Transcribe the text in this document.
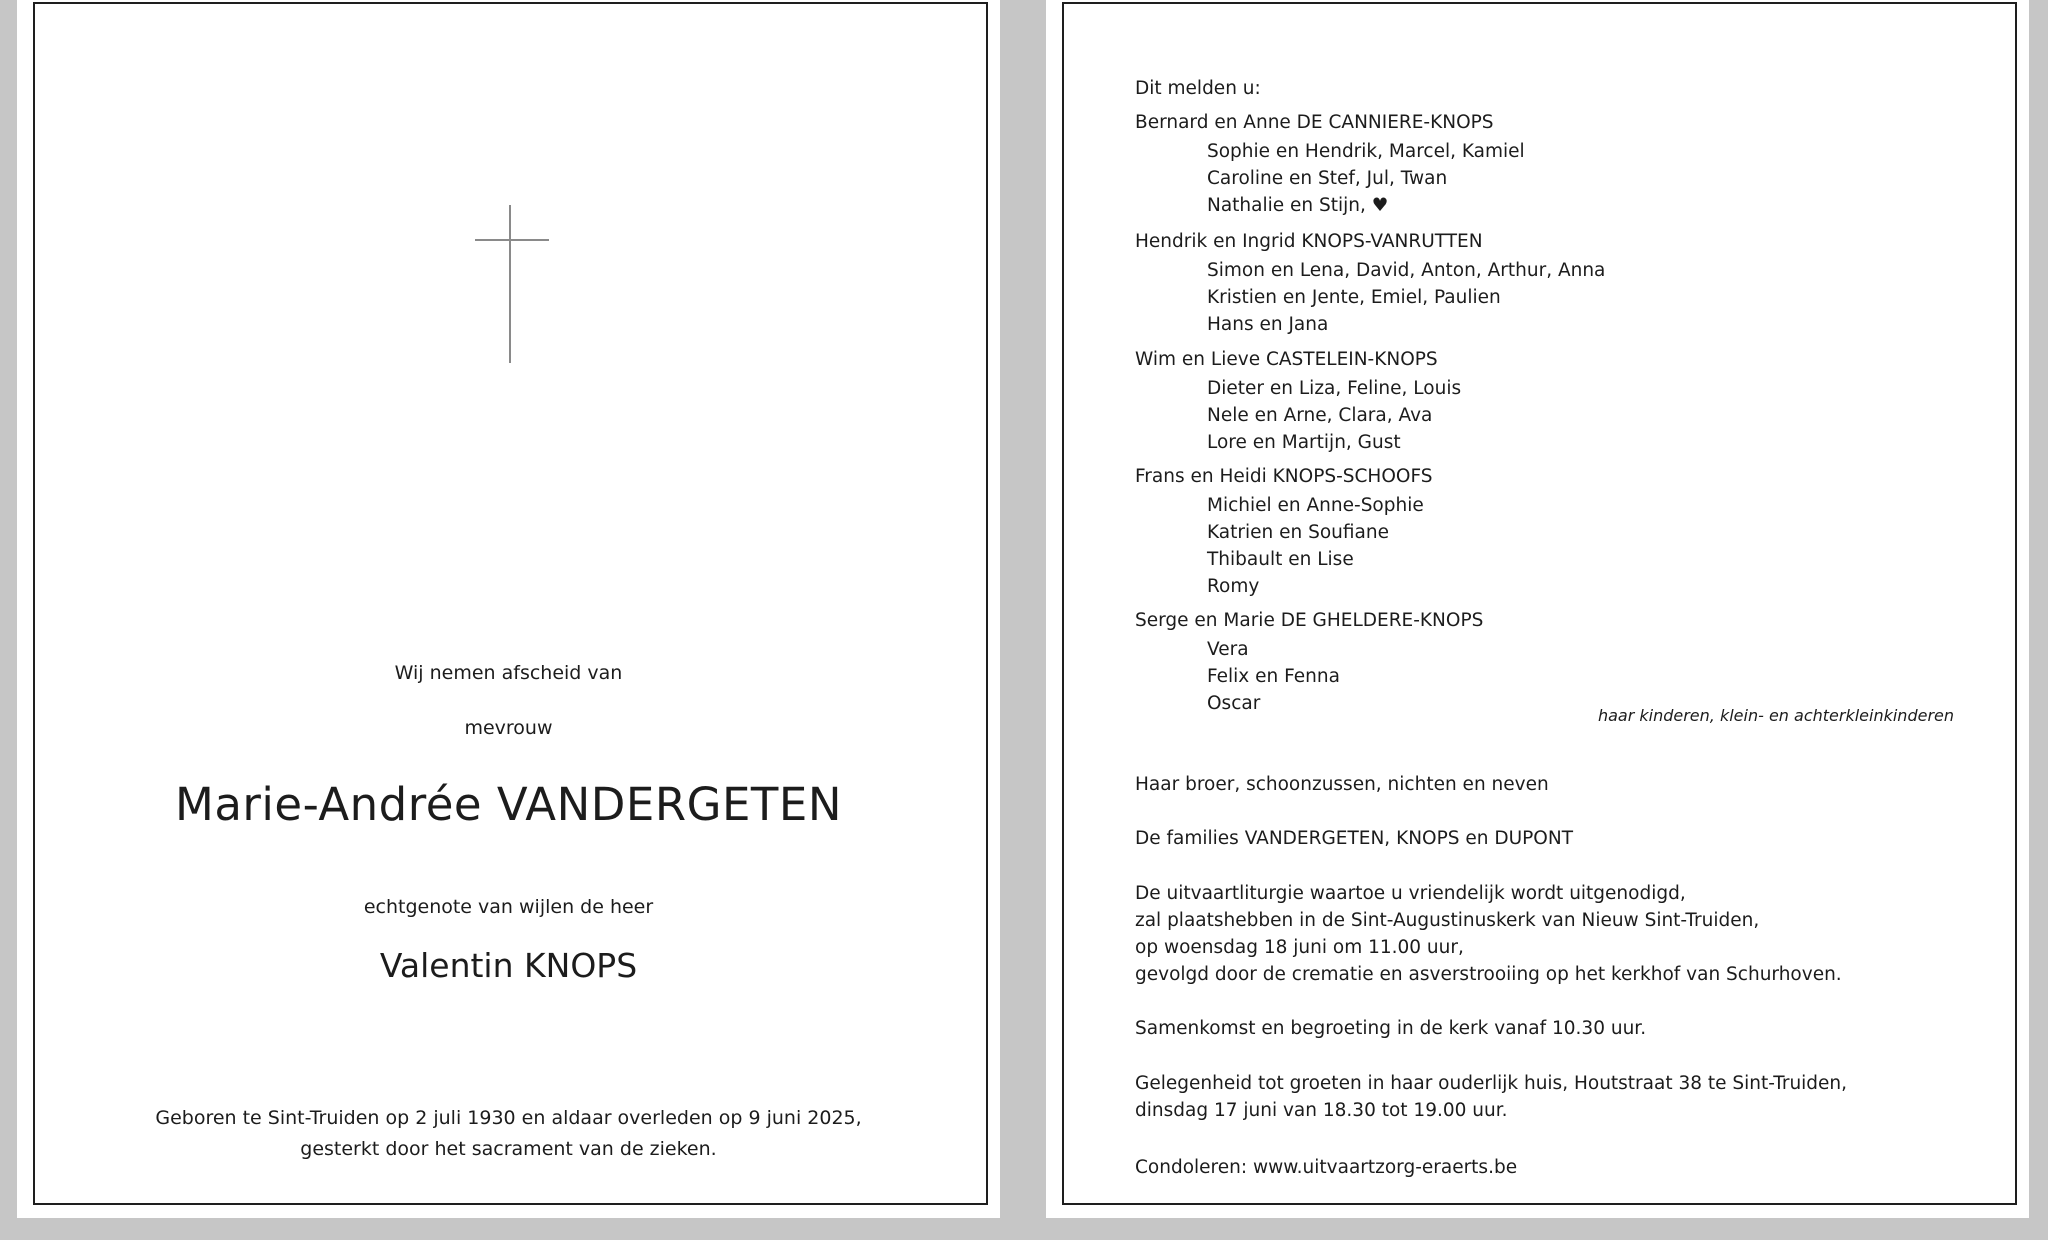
Wij nemen afscheid van
mevrouw
Marie-Andrée VANDERGETEN
echtgenote van wijlen de heer
Valentin KNOPS
Geboren te Sint-Truiden op 2 juli 1930 en aldaar overleden op 9 juni 2025,
gesterkt door het sacrament van de zieken.
Dit melden u:
Bernard en Anne DE CANNIERE-KNOPS
Sophie en Hendrik, Marcel, Kamiel
Caroline en Stef, Jul, Twan
Nathalie en Stijn, ♥
Hendrik en Ingrid KNOPS-VANRUTTEN
Simon en Lena, David, Anton, Arthur, Anna
Kristien en Jente, Emiel, Paulien
Hans en Jana
Wim en Lieve CASTELEIN-KNOPS
Dieter en Liza, Feline, Louis
Nele en Arne, Clara, Ava
Lore en Martijn, Gust
Frans en Heidi KNOPS-SCHOOFS
Michiel en Anne-Sophie
Katrien en Soufiane
Thibault en Lise
Romy
Serge en Marie DE GHELDERE-KNOPS
Vera
Felix en Fenna
Oscar
haar kinderen, klein- en achterkleinkinderen
Haar broer, schoonzussen, nichten en neven
De families VANDERGETEN, KNOPS en DUPONT
De uitvaartliturgie waartoe u vriendelijk wordt uitgenodigd,
zal plaatshebben in de Sint-Augustinuskerk van Nieuw Sint-Truiden,
op woensdag 18 juni om 11.00 uur,
gevolgd door de crematie en asverstrooiing op het kerkhof van Schurhoven.
Samenkomst en begroeting in de kerk vanaf 10.30 uur.
Gelegenheid tot groeten in haar ouderlijk huis, Houtstraat 38 te Sint-Truiden,
dinsdag 17 juni van 18.30 tot 19.00 uur.
Condoleren: www.uitvaartzorg-eraerts.be
